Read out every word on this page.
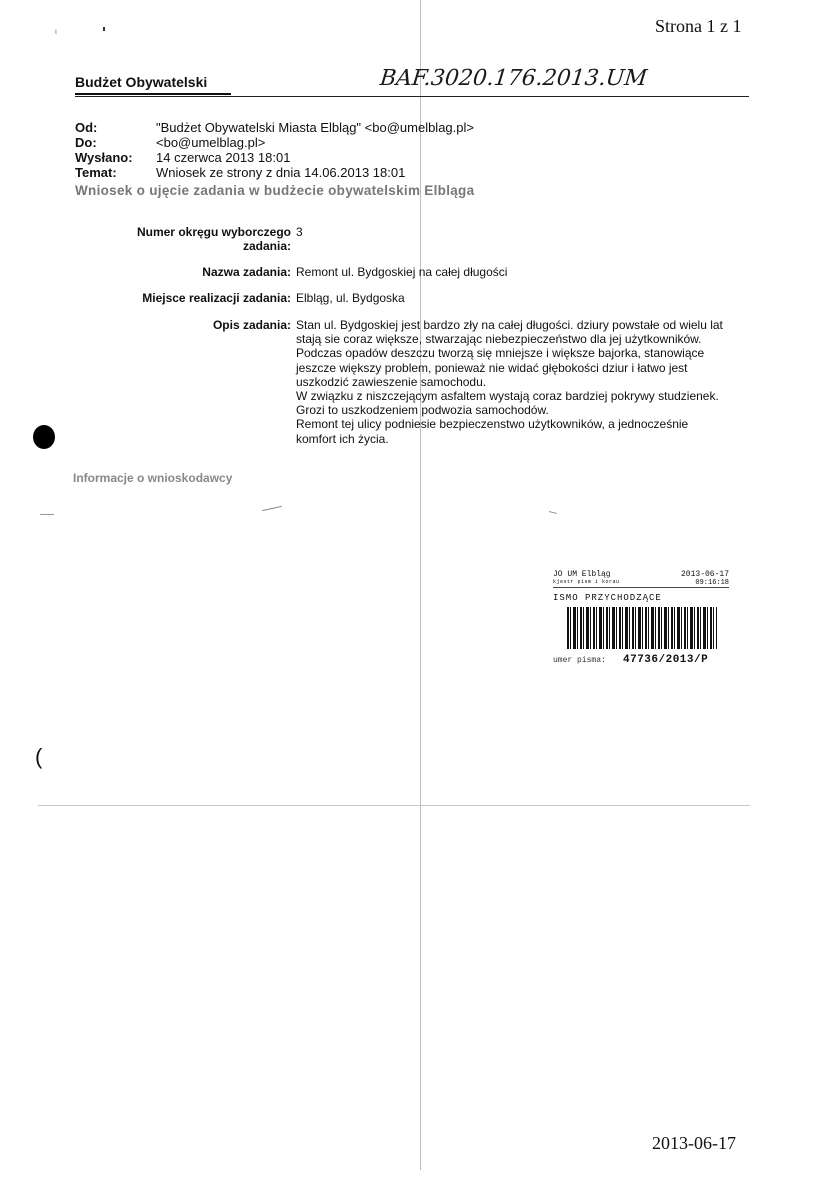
ι	Strona 1 z 1
Budżet Obywatelski	BAF.3020.176.2013.UM
Od:	"Budżet Obywatelski Miasta Elbląg" <bo@umelblag.pl>
Do:	<bo@umelblag.pl>
Wysłano: 14 czerwca 2013 18:01
Temat:	Wniosek ze strony z dnia 14.06.2013 18:01
Wniosek o ujęcie zadania w budżecie obywatelskim Elbląga
Numer okręgu wyborczego
zadania:
3
Nazwa zadania: Remont ul. Bydgoskiej na całej długości
Miejsce realizacji zadania: Elbląg, ul. Bydgoska
Opis zadania: Stan ul. Bydgoskiej jest bardzo zły na całej długości. dziury powstałe od wielu lat
stają sie coraz większe, stwarzając niebezpieczeństwo dla jej użytkowników.
Podczas opadów deszczu tworzą się mniejsze i większe bajorka, stanowiące
jeszcze większy problem, ponieważ nie widać głębokości dziur i łatwo jest
uszkodzić zawieszenie samochodu.
W związku z niszczejącym asfaltem wystają coraz bardziej pokrywy studzienek.
Grozi to uszkodzeniem podwozia samochodów.
Remont tej ulicy podniesie bezpieczenstwo użytkowników, a jednocześnie
komfort ich życia.
Informacje o wnioskodawcy
JO UM Elbląg	2013-06-17
kjestr pism i korau	09:16:18
ISMO PRZYCHODZĄCE
umer pisma: 47736/2013/P
(
2013-06-17
